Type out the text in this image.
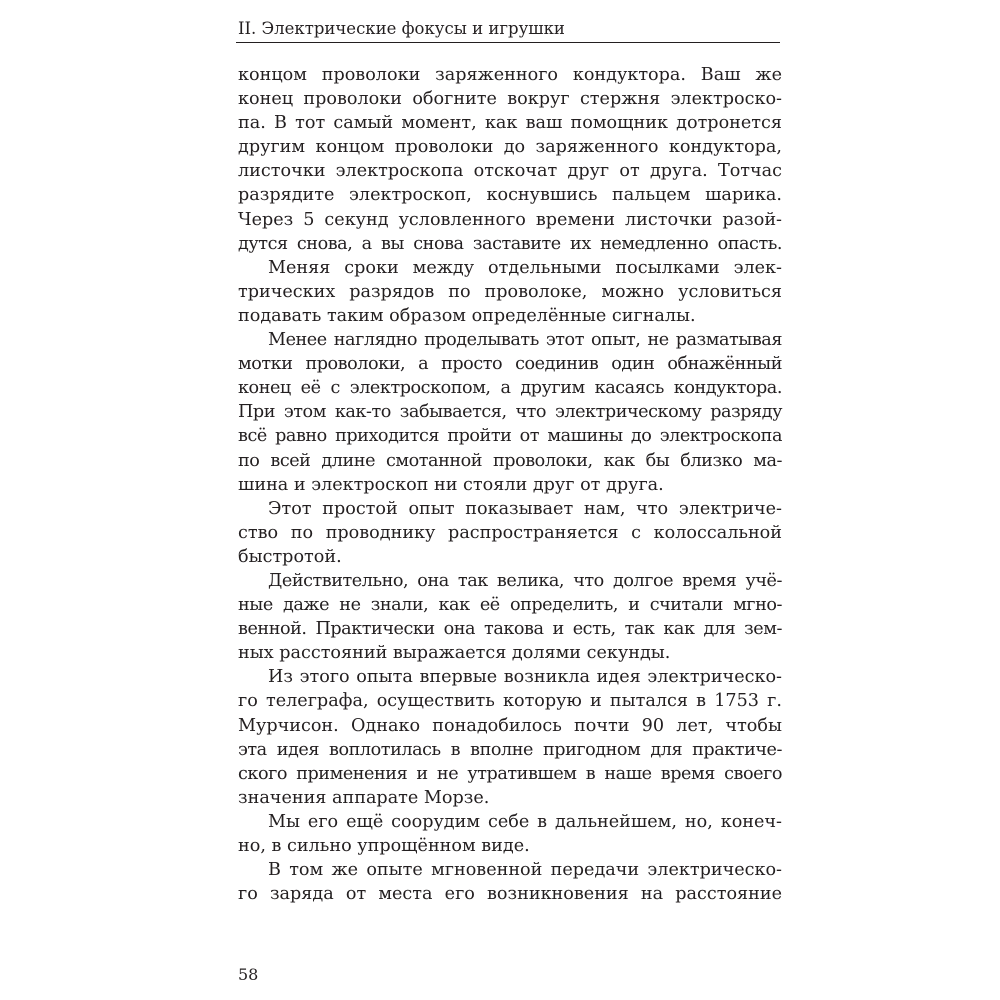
II. Электрические фокусы и игрушки
концом проволоки заряженного кондуктора. Ваш же
конец проволоки обогните вокруг стержня электроско-
па. В тот самый момент, как ваш помощник дотронется
другим концом проволоки до заряженного кондуктора,
листочки электроскопа отскочат друг от друга. Тотчас
разрядите электроскоп, коснувшись пальцем шарика.
Через 5 секунд условленного времени листочки разой-
дутся снова, а вы снова заставите их немедленно опасть.
Меняя сроки между отдельными посылками элек-
трических разрядов по проволоке, можно условиться
подавать таким образом определённые сигналы.
Менее наглядно проделывать этот опыт, не разматывая
мотки проволоки, а просто соединив один обнажённый
конец её с электроскопом, а другим касаясь кондуктора.
При этом как-то забывается, что электрическому разряду
всё равно приходится пройти от машины до электроскопа
по всей длине смотанной проволоки, как бы близко ма-
шина и электроскоп ни стояли друг от друга.
Этот простой опыт показывает нам, что электриче-
ство по проводнику распространяется с колоссальной
быстротой.
Действительно, она так велика, что долгое время учё-
ные даже не знали, как её определить, и считали мгно-
венной. Практически она такова и есть, так как для зем-
ных расстояний выражается долями секунды.
Из этого опыта впервые возникла идея электрическо-
го телеграфа, осуществить которую и пытался в 1753 г.
Мурчисон. Однако понадобилось почти 90 лет, чтобы
эта идея воплотилась в вполне пригодном для практиче-
ского применения и не утратившем в наше время своего
значения аппарате Морзе.
Мы его ещё соорудим себе в дальнейшем, но, конеч-
но, в сильно упрощённом виде.
В том же опыте мгновенной передачи электрическо-
го заряда от места его возникновения на расстояние
58
